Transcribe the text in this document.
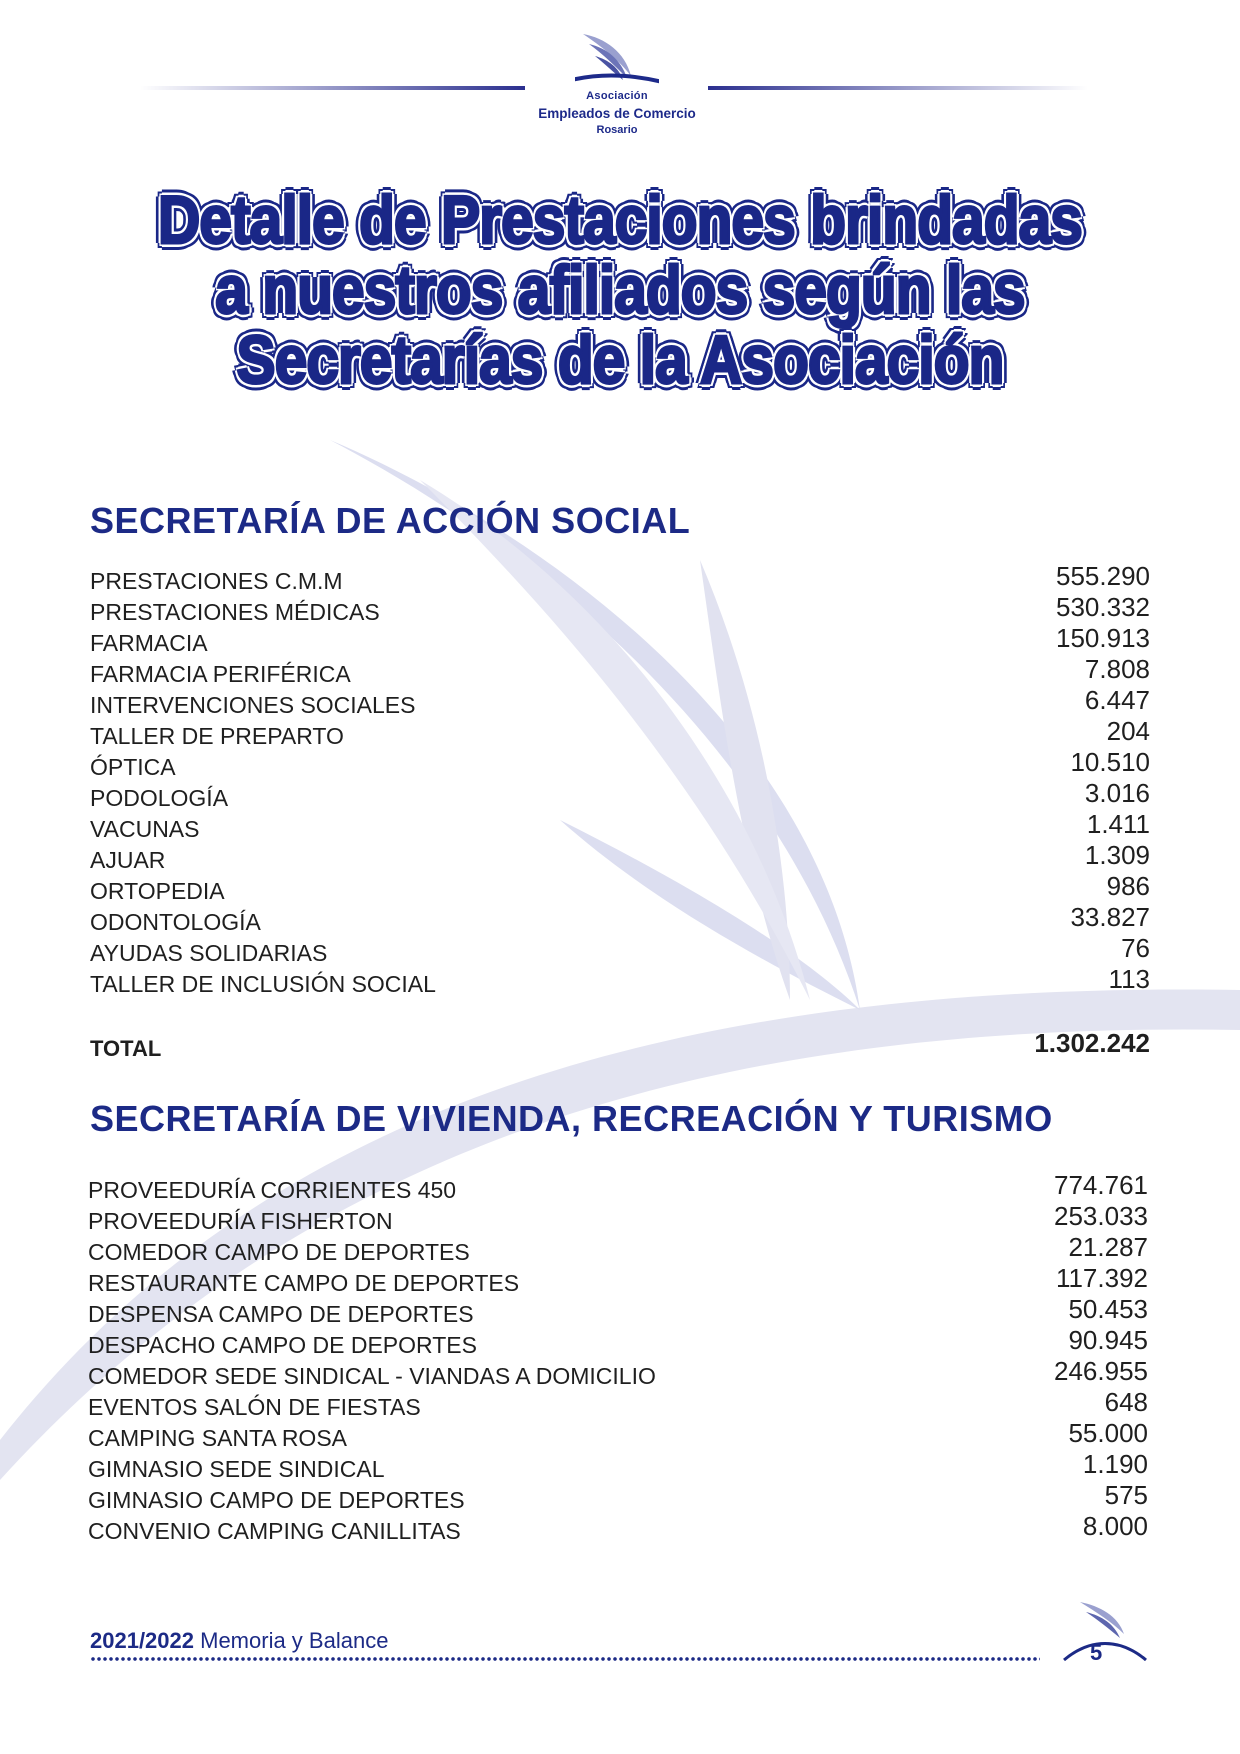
Asociación
Empleados de Comercio
Rosario
Detalle de Prestaciones brindadas
a nuestros afiliados según las
Secretarías de la Asociación
SECRETARÍA DE ACCIÓN SOCIAL
PRESTACIONES C.M.M	555.290
PRESTACIONES MÉDICAS	530.332
FARMACIA	150.913
FARMACIA PERIFÉRICA	7.808
INTERVENCIONES SOCIALES	6.447
TALLER DE PREPARTO	204
ÓPTICA	10.510
PODOLOGÍA	3.016
VACUNAS	1.411
AJUAR	1.309
ORTOPEDIA	986
ODONTOLOGÍA	33.827
AYUDAS SOLIDARIAS	76
TALLER DE INCLUSIÓN SOCIAL	113
TOTAL	1.302.242
SECRETARÍA DE VIVIENDA, RECREACIÓN Y TURISMO
PROVEEDURÍA CORRIENTES 450	774.761
PROVEEDURÍA FISHERTON	253.033
COMEDOR CAMPO DE DEPORTES	21.287
RESTAURANTE CAMPO DE DEPORTES	117.392
DESPENSA CAMPO DE DEPORTES	50.453
DESPACHO CAMPO DE DEPORTES	90.945
COMEDOR SEDE SINDICAL - VIANDAS A DOMICILIO	246.955
EVENTOS SALÓN DE FIESTAS	648
CAMPING SANTA ROSA	55.000
GIMNASIO SEDE SINDICAL	1.190
GIMNASIO CAMPO DE DEPORTES	575
CONVENIO CAMPING CANILLITAS	8.000
2021/2022 Memoria y Balance	5
